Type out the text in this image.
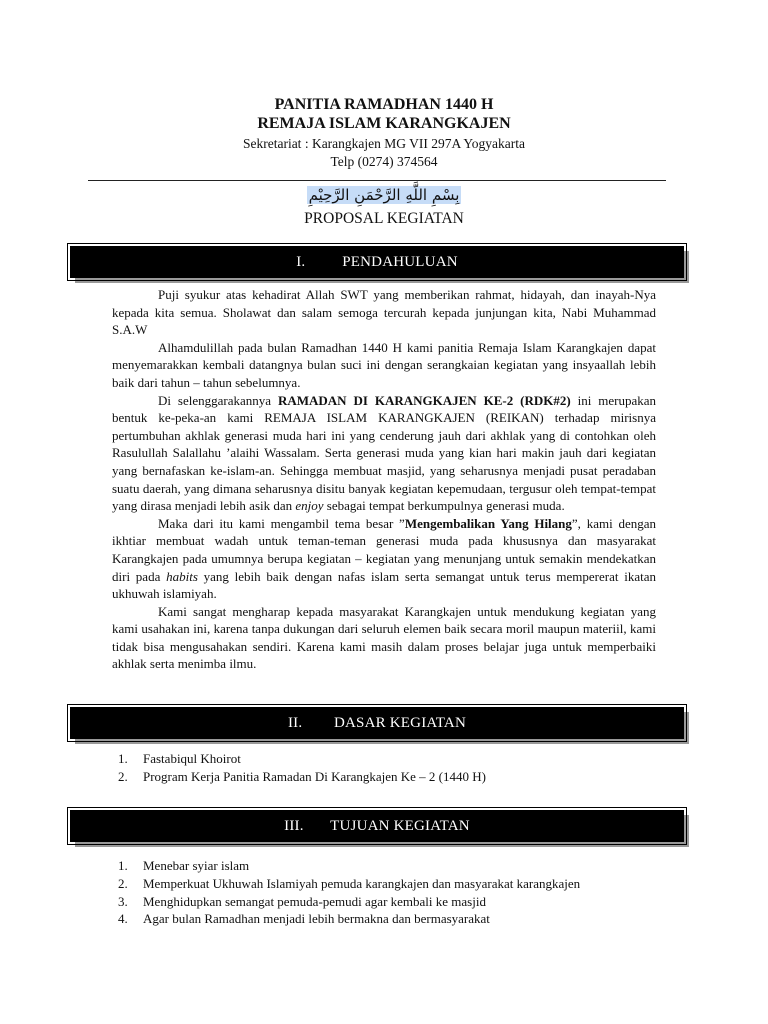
PANITIA RAMADHAN 1440 H
REMAJA ISLAM KARANGKAJEN
Sekretariat : Karangkajen MG VII 297A Yogyakarta
Telp (0274) 374564
بِسْمِ اللَّهِ الرَّحْمَنِ الرَّحِيْمِ
PROPOSAL KEGIATAN
I.	PENDAHULUAN

Puji syukur atas kehadirat Allah SWT yang memberikan rahmat, hidayah, dan inayah-Nya kepada kita semua. Sholawat dan salam semoga tercurah kepada junjungan kita, Nabi Muhammad S.A.W

Alhamdulillah pada bulan Ramadhan 1440 H kami panitia Remaja Islam Karangkajen dapat menyemarakkan kembali datangnya bulan suci ini dengan serangkaian kegiatan yang insyaallah lebih baik dari tahun – tahun sebelumnya.

Di selenggarakannya RAMADAN DI KARANGKAJEN KE-2 (RDK#2) ini merupakan bentuk ke-peka-an kami REMAJA ISLAM KARANGKAJEN (REIKAN) terhadap mirisnya pertumbuhan akhlak generasi muda hari ini yang cenderung jauh dari akhlak yang di contohkan oleh Rasulullah Salallahu ’alaihi Wassalam. Serta generasi muda yang kian hari makin jauh dari kegiatan yang bernafaskan ke-islam-an. Sehingga membuat masjid, yang seharusnya menjadi pusat peradaban suatu daerah, yang dimana seharusnya disitu banyak kegiatan kepemudaan, tergusur oleh tempat-tempat yang dirasa menjadi lebih asik dan enjoy sebagai tempat berkumpulnya generasi muda.

Maka dari itu kami mengambil tema besar ”Mengembalikan Yang Hilang”, kami dengan ikhtiar membuat wadah untuk teman-teman generasi muda pada khususnya dan masyarakat Karangkajen pada umumnya berupa kegiatan – kegiatan yang menunjang untuk semakin mendekatkan diri pada habits yang lebih baik dengan nafas islam serta semangat untuk terus mempererat ikatan ukhuwah islamiyah.

Kami sangat mengharap kepada masyarakat Karangkajen untuk mendukung kegiatan yang kami usahakan ini, karena tanpa dukungan dari seluruh elemen baik secara moril maupun materiil, kami tidak bisa mengusahakan sendiri. Karena kami masih dalam proses belajar juga untuk memperbaiki akhlak serta menimba ilmu.

II.	DASAR KEGIATAN
1.	Fastabiqul Khoirot
2.	Program Kerja Panitia Ramadan Di Karangkajen Ke – 2 (1440 H)
III.	TUJUAN KEGIATAN
1.	Menebar syiar islam
2.	Memperkuat Ukhuwah Islamiyah pemuda karangkajen dan masyarakat karangkajen
3.	Menghidupkan semangat pemuda-pemudi agar kembali ke masjid
4.	Agar bulan Ramadhan menjadi lebih bermakna dan bermasyarakat
